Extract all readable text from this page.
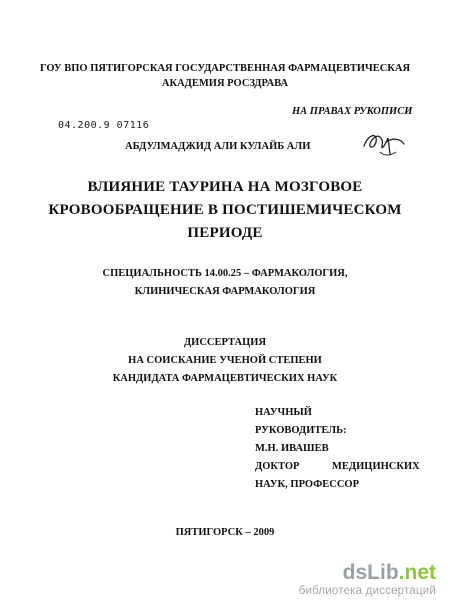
ГОУ ВПО ПЯТИГОРСКАЯ ГОСУДАРСТВЕННАЯ ФАРМАЦЕВТИЧЕСКАЯ
АКАДЕМИЯ РОСЗДРАВА
НА ПРАВАХ РУКОПИСИ
04.200.9 07116
АБДУЛМАДЖИД АЛИ КУЛАЙБ АЛИ
ВЛИЯНИЕ ТАУРИНА НА МОЗГОВОЕ
КРОВООБРАЩЕНИЕ В ПОСТИШЕМИЧЕСКОМ
ПЕРИОДЕ
СПЕЦИАЛЬНОСТЬ 14.00.25 – ФАРМАКОЛОГИЯ,
КЛИНИЧЕСКАЯ ФАРМАКОЛОГИЯ
ДИССЕРТАЦИЯ
НА СОИСКАНИЕ УЧЕНОЙ СТЕПЕНИ
КАНДИДАТА ФАРМАЦЕВТИЧЕСКИХ НАУК
НАУЧНЫЙ
РУКОВОДИТЕЛЬ:
М.Н. ИВАШЕВ
ДОКТОР	МЕДИЦИНСКИХ
НАУК, ПРОФЕССОР
ПЯТИГОРСК – 2009
dsLib.net
библиотека диссертаций
